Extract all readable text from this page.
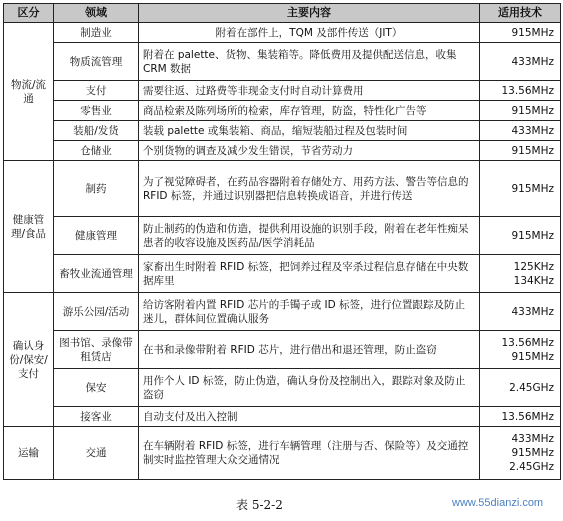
区分	领域	主要内容	适用技术
物流/流通	制造业	附着在部件上，TQM 及部件传送（JIT）	915MHz

	物质流管理	附着在 palette、货物、集装箱等。降低费用及提供配送信息，收集 CRM 数据	433MHz

	支付	需要往返、过路费等非现金支付时自动计算费用	13.56MHz

	零售业	商品检索及陈列场所的检索，库存管理，防盗，特性化广告等	915MHz

	装船/发货	装载 palette 或集装箱、商品，缩短装船过程及包装时间	433MHz

	仓储业	个别货物的调查及减少发生错误，节省劳动力	915MHz

健康管理/食品	制药	为了视觉障碍者，在药品容器附着存储处方、用药方法、警告等信息的 RFID 标签，并通过识别器把信息转换成语音，并进行传送	915MHz

	健康管理	防止制药的伪造和仿造，提供利用设施的识别手段，附着在老年性痴呆患者的收容设施及医药品/医学消耗品	915MHz

	畜牧业流通管理	家畜出生时附着 RFID 标签，把饲养过程及宰杀过程信息存储在中央数据库里	125KHz
134KHz

确认身份/保安/支付	游乐公园/活动	给访客附着内置 RFID 芯片的手镯子或 ID 标签，进行位置跟踪及防止迷儿，群体间位置确认服务	433MHz

	图书馆、录像带租赁店	在书和录像带附着 RFID 芯片，进行借出和退还管理，防止盗窃	13.56MHz
915MHz

	保安	用作个人 ID 标签，防止伪造，确认身份及控制出入，跟踪对象及防止盗窃	2.45GHz

	接客业	自动支付及出入控制	13.56MHz

运输	交通	在车辆附着 RFID 标签，进行车辆管理（注册与否、保险等）及交通控制实时监控管理大众交通情况	433MHz
915MHz
2.45GHz
表 5-2-2	www.55dianzi.com
